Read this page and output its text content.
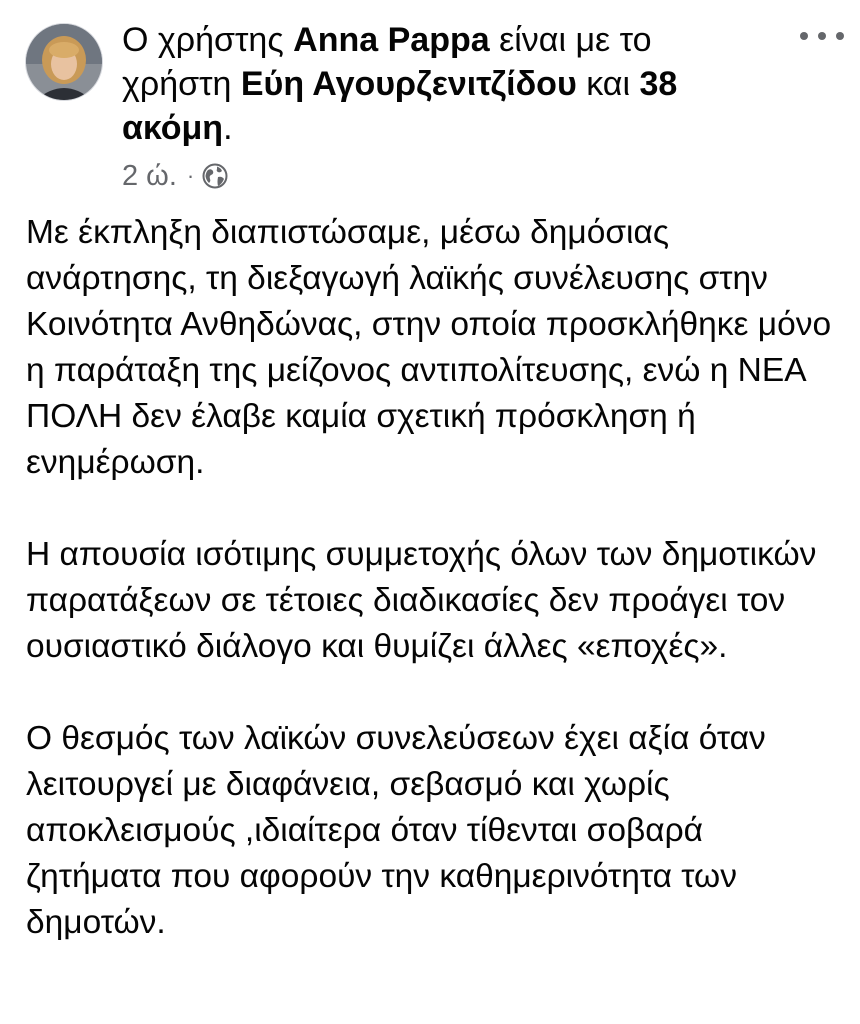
Ο χρήστης Anna Pappa είναι με το χρήστη Εύη Αγουρζενιτζίδου και 38 ακόμη.
2 ώ. ·

Με έκπληξη διαπιστώσαμε, μέσω δημόσιας ανάρτησης, τη διεξαγωγή λαϊκής συνέλευσης στην Κοινότητα Ανθηδώνας, στην οποία προσκλήθηκε μόνο η παράταξη της μείζονος αντιπολίτευσης, ενώ η ΝΕΑ ΠΟΛΗ δεν έλαβε καμία σχετική πρόσκληση ή ενημέρωση.

Η απουσία ισότιμης συμμετοχής όλων των δημοτικών παρατάξεων σε τέτοιες διαδικασίες δεν προάγει τον ουσιαστικό διάλογο και θυμίζει άλλες «εποχές».

Ο θεσμός των λαϊκών συνελεύσεων έχει αξία όταν λειτουργεί με διαφάνεια, σεβασμό και χωρίς αποκλεισμούς ,ιδιαίτερα όταν τίθενται σοβαρά ζητήματα που αφορούν την καθημερινότητα των δημοτών.
